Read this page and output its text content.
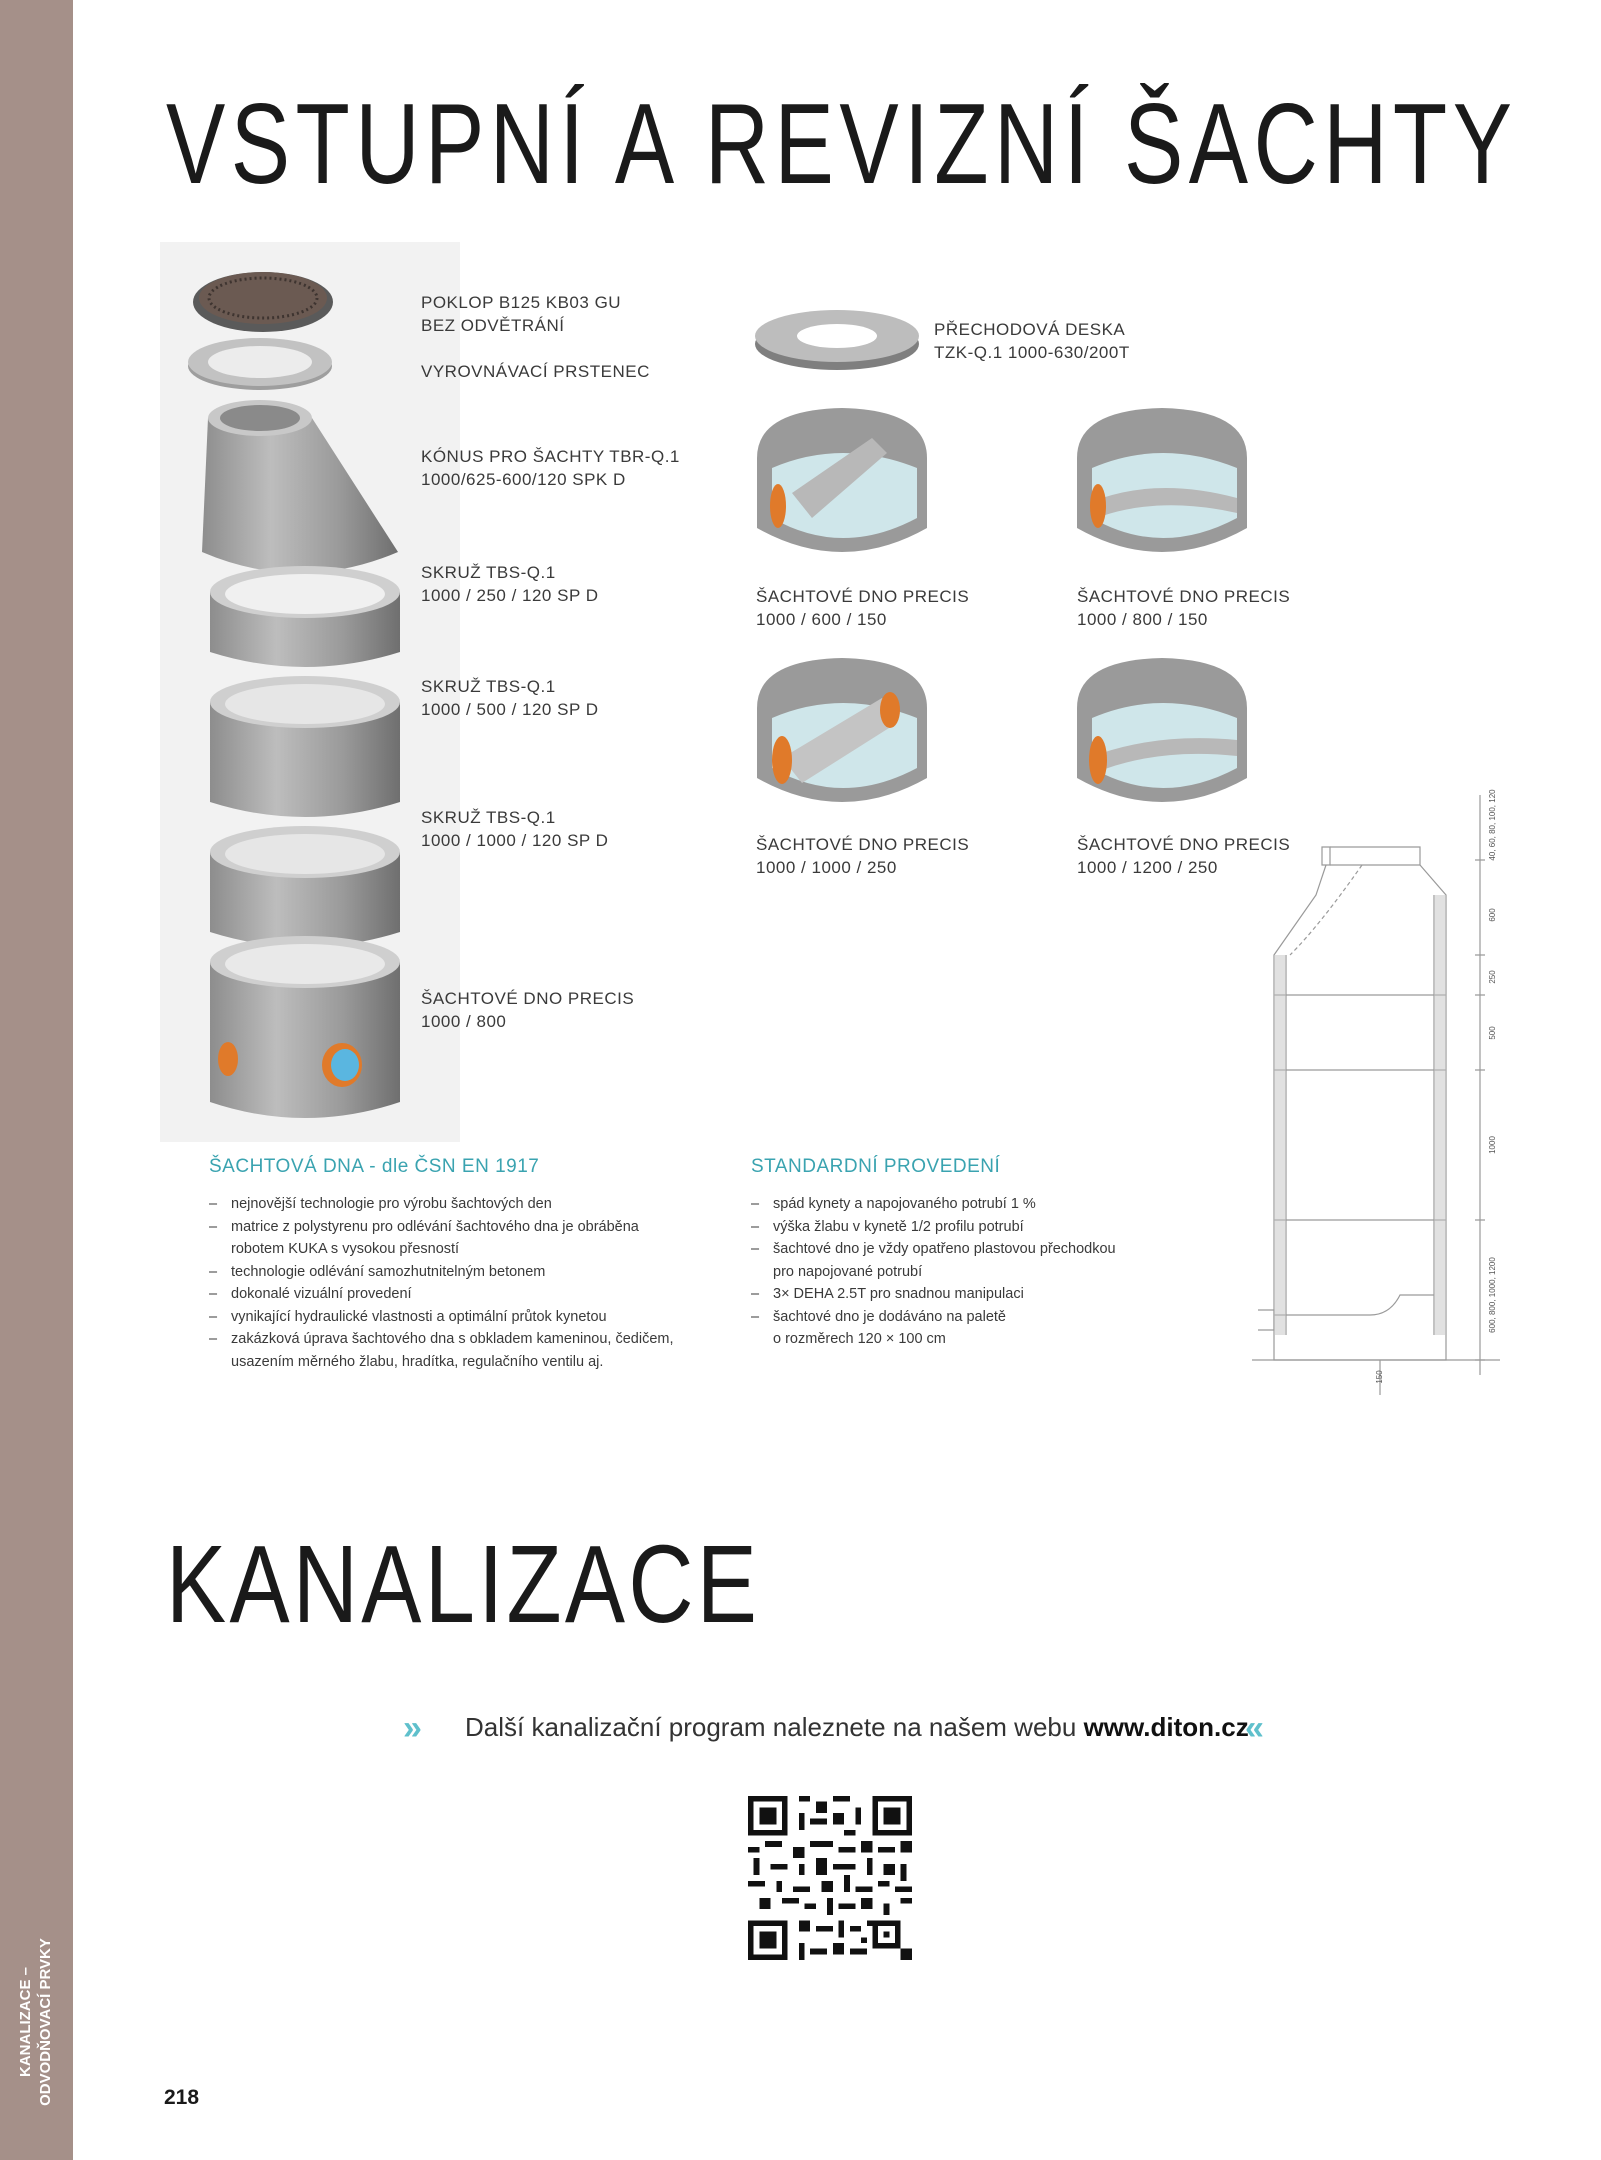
KANALIZACE – ODVODŇOVACÍ PRVKY
VSTUPNÍ A REVIZNÍ ŠACHTY
POKLOP B125 KB03 GU
BEZ ODVĚTRÁNÍ
VYROVNÁVACÍ PRSTENEC
KÓNUS PRO ŠACHTY TBR-Q.1
1000/625-600/120 SPK D
SKRUŽ TBS-Q.1
1000 / 250 / 120 SP D
SKRUŽ TBS-Q.1
1000 / 500 / 120 SP D
SKRUŽ TBS-Q.1
1000 / 1000 / 120 SP D
ŠACHTOVÉ DNO PRECIS
1000 / 800
PŘECHODOVÁ DESKA
TZK-Q.1 1000-630/200T
ŠACHTOVÉ DNO PRECIS
1000 / 600 / 150
ŠACHTOVÉ DNO PRECIS
1000 / 800 / 150
ŠACHTOVÉ DNO PRECIS
1000 / 1000 / 250
ŠACHTOVÉ DNO PRECIS
1000 / 1200 / 250
40, 60, 80, 100, 120
600
250
500
1000
600, 800, 1000, 1200
150
ŠACHTOVÁ DNA - dle ČSN EN 1917
– nejnovější technologie pro výrobu šachtových den
– matrice z polystyrenu pro odlévání šachtového dna je obráběna
robotem KUKA s vysokou přesností
– technologie odlévání samozhutnitelným betonem
– dokonalé vizuální provedení
– vynikající hydraulické vlastnosti a optimální průtok kynetou
– zakázková úprava šachtového dna s obkladem kameninou, čedičem,
usazením měrného žlabu, hradítka, regulačního ventilu aj.
STANDARDNÍ PROVEDENÍ
– spád kynety a napojovaného potrubí 1 %
– výška žlabu v kynetě 1/2 profilu potrubí
– šachtové dno je vždy opatřeno plastovou přechodkou
pro napojované potrubí
– 3× DEHA 2.5T pro snadnou manipulaci
– šachtové dno je dodáváno na paletě
o rozměrech 120 × 100 cm
KANALIZACE
» Další kanalizační program naleznete na našem webu www.diton.cz
«
218
